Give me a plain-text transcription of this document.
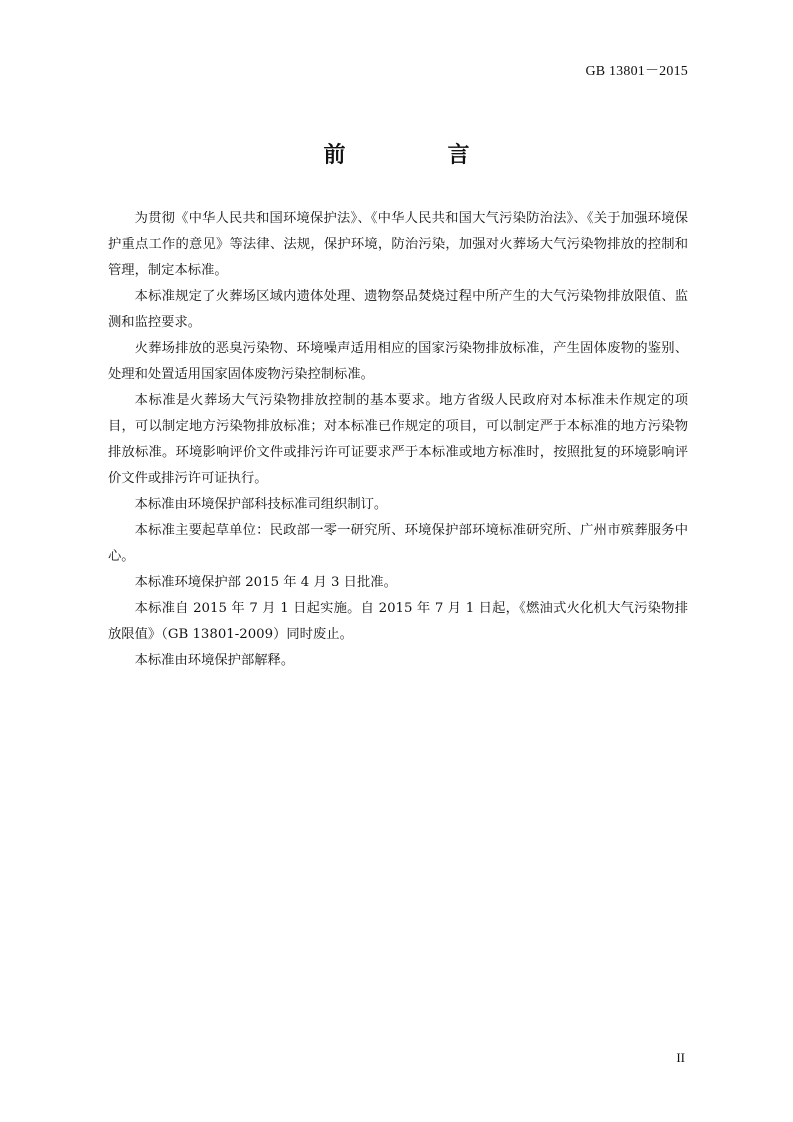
GB 13801－2015
前　言

为贯彻《中华人民共和国环境保护法》、《中华人民共和国大气污染防治法》、《关于加强环境保护重点工作的意见》等法律、法规，保护环境，防治污染，加强对火葬场大气污染物排放的控制和管理，制定本标准。

本标准规定了火葬场区域内遗体处理、遗物祭品焚烧过程中所产生的大气污染物排放限值、监测和监控要求。

火葬场排放的恶臭污染物、环境噪声适用相应的国家污染物排放标准，产生固体废物的鉴别、处理和处置适用国家固体废物污染控制标准。

本标准是火葬场大气污染物排放控制的基本要求。地方省级人民政府对本标准未作规定的项目，可以制定地方污染物排放标准；对本标准已作规定的项目，可以制定严于本标准的地方污染物排放标准。环境影响评价文件或排污许可证要求严于本标准或地方标准时，按照批复的环境影响评价文件或排污许可证执行。

本标准由环境保护部科技标准司组织制订。

本标准主要起草单位：民政部一零一研究所、环境保护部环境标准研究所、广州市殡葬服务中心。

本标准环境保护部 2015 年 4 月 3 日批准。

本标准自 2015 年 7 月 1 日起实施。自 2015 年 7 月 1 日起，《燃油式火化机大气污染物排放限值》（GB 13801-2009）同时废止。

本标准由环境保护部解释。

II
